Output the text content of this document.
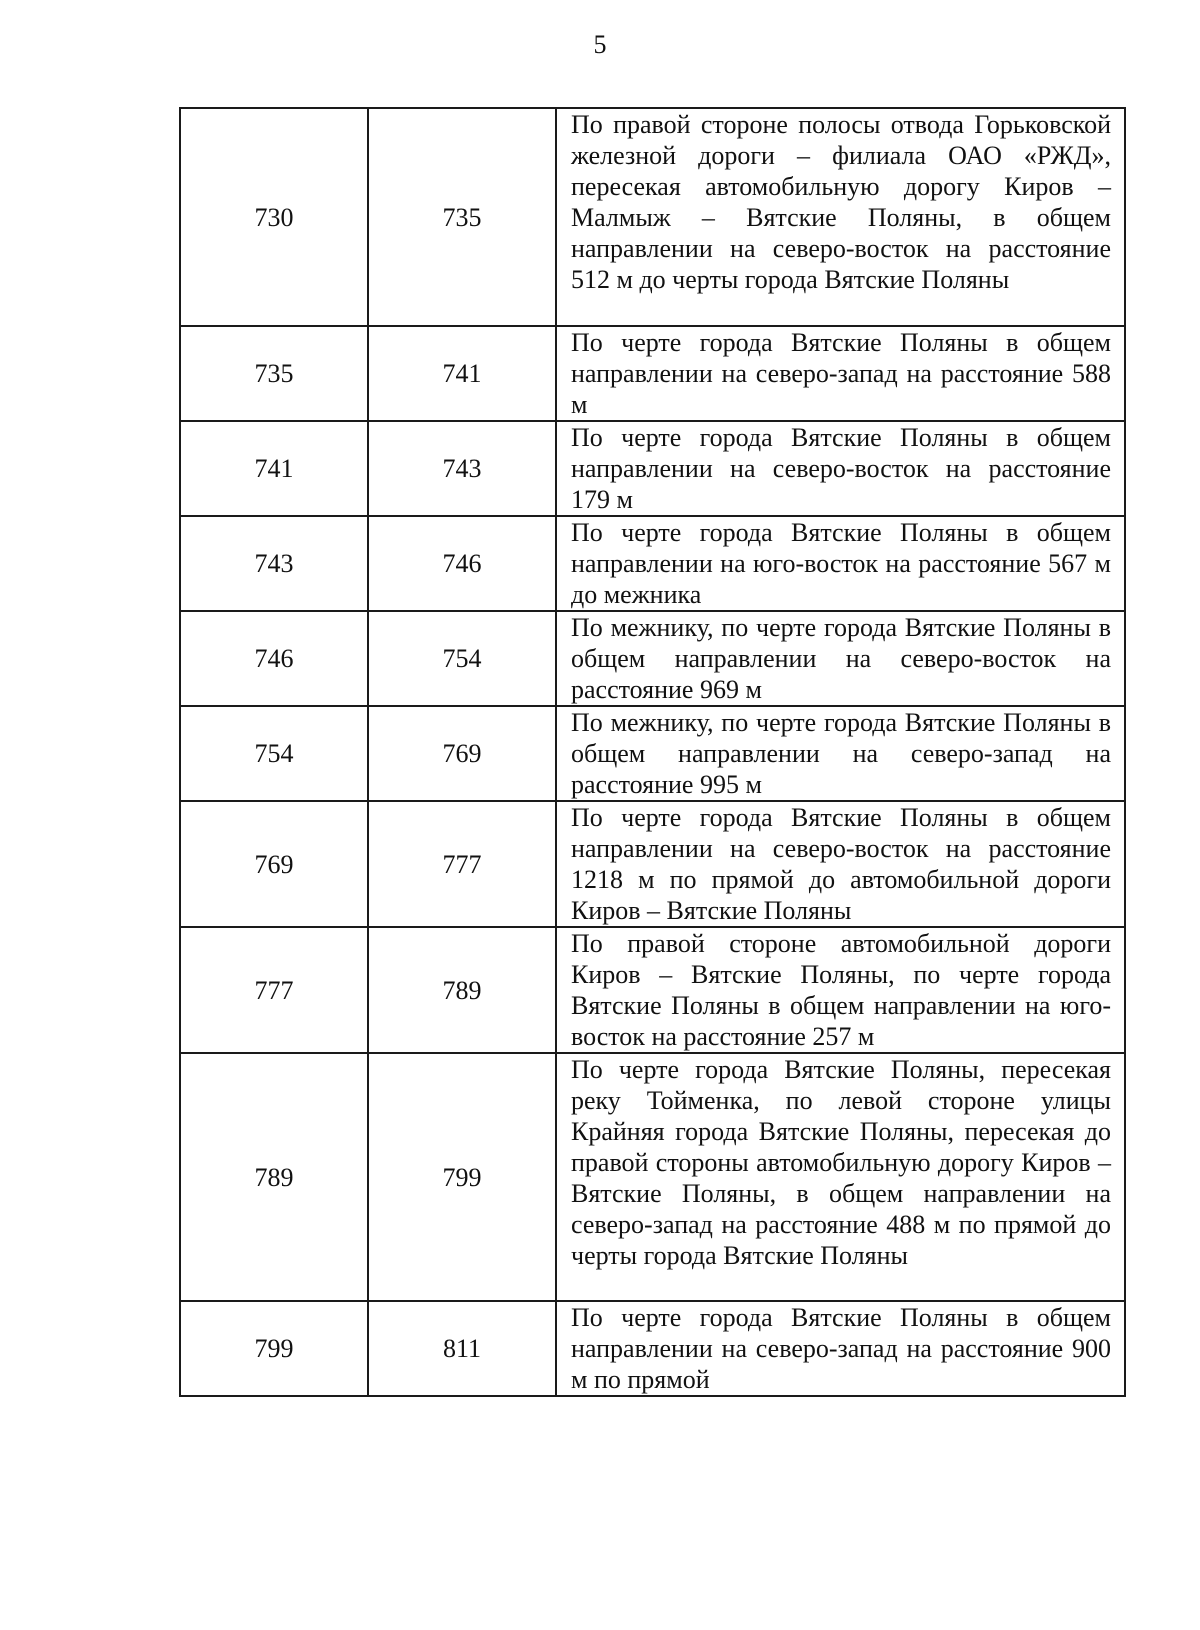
5
730	735	По правой стороне полосы отвода Горьковской железной дороги – филиала ОАО «РЖД», пересекая автомобильную дорогу Киров – Малмыж – Вятские Поляны, в общем направлении на северо-восток на расстояние 512 м до черты города Вятские Поляны
735	741	По черте города Вятские Поляны в общем направлении на северо-запад на расстояние 588 м
741	743	По черте города Вятские Поляны в общем направлении на северо-восток на расстояние 179 м
743	746	По черте города Вятские Поляны в общем направлении на юго-восток на расстояние 567 м до межника
746	754	По межнику, по черте города Вятские Поляны в общем направлении на северо-восток на расстояние 969 м
754	769	По межнику, по черте города Вятские Поляны в общем направлении на северо-запад на расстояние 995 м
769	777	По черте города Вятские Поляны в общем направлении на северо-восток на расстояние 1218 м по прямой до автомобильной дороги Киров – Вятские Поляны
777	789	По правой стороне автомобильной дороги Киров – Вятские Поляны, по черте города Вятские Поляны в общем направлении на юго-восток на расстояние 257 м
789	799	По черте города Вятские Поляны, пересекая реку Тойменка, по левой стороне улицы Крайняя города Вятские Поляны, пересекая до правой стороны автомобильную дорогу Киров – Вятские Поляны, в общем направлении на северо-запад на расстояние 488 м по прямой до черты города Вятские Поляны
799	811	По черте города Вятские Поляны в общем направлении на северо-запад на расстояние 900 м по прямой
